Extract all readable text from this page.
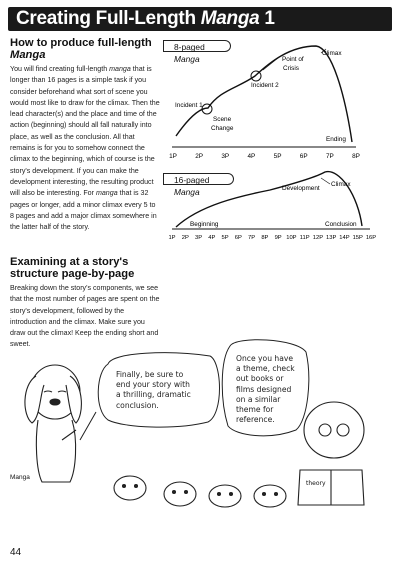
Creating Full-Length Manga 1
How to produce full-length
Manga
You will find creating full-length manga that is longer than 16 pages is a simple task if you consider beforehand what sort of scene you would most like to draw for the climax. Then the lead character(s) and the place and time of the action (beginning) should all fall naturally into place, as well as the conclusion. All that remains is for you to somehow connect the climax to the beginning, which of course is the story's development. If you can make the development interesting, the resulting product will also be interesting. For manga that is 32 pages or longer, add a minor climax every 5 to 8 pages and add a major climax somewhere in the latter half of the story.
Examining at a story's
structure page-by-page
Breaking down the story's components, we see that the most number of pages are spent on the story's development, followed by the introduction and the climax. Make sure you draw out the climax! Keep the ending short and sweet.
8-paged Manga
Incident 1
Incident 2
Scene
Change
Point of
Crisis
Climax
Ending
1P	2P	3P	4P	5P	6P	7P	8P
Development
Climax
Beginning	Conclusion
1P 2P 3P 4P 5P 6P 7P 8P 9P 10P 11P 12P 13P 14P 15P 16P
16-paged Manga
Finally, be sure to
end your story with
a thrilling, dramatic
conclusion.
Once you have
a theme, check
out books or
films designed
on a similar
theme for
reference.
Manga
theory
44
